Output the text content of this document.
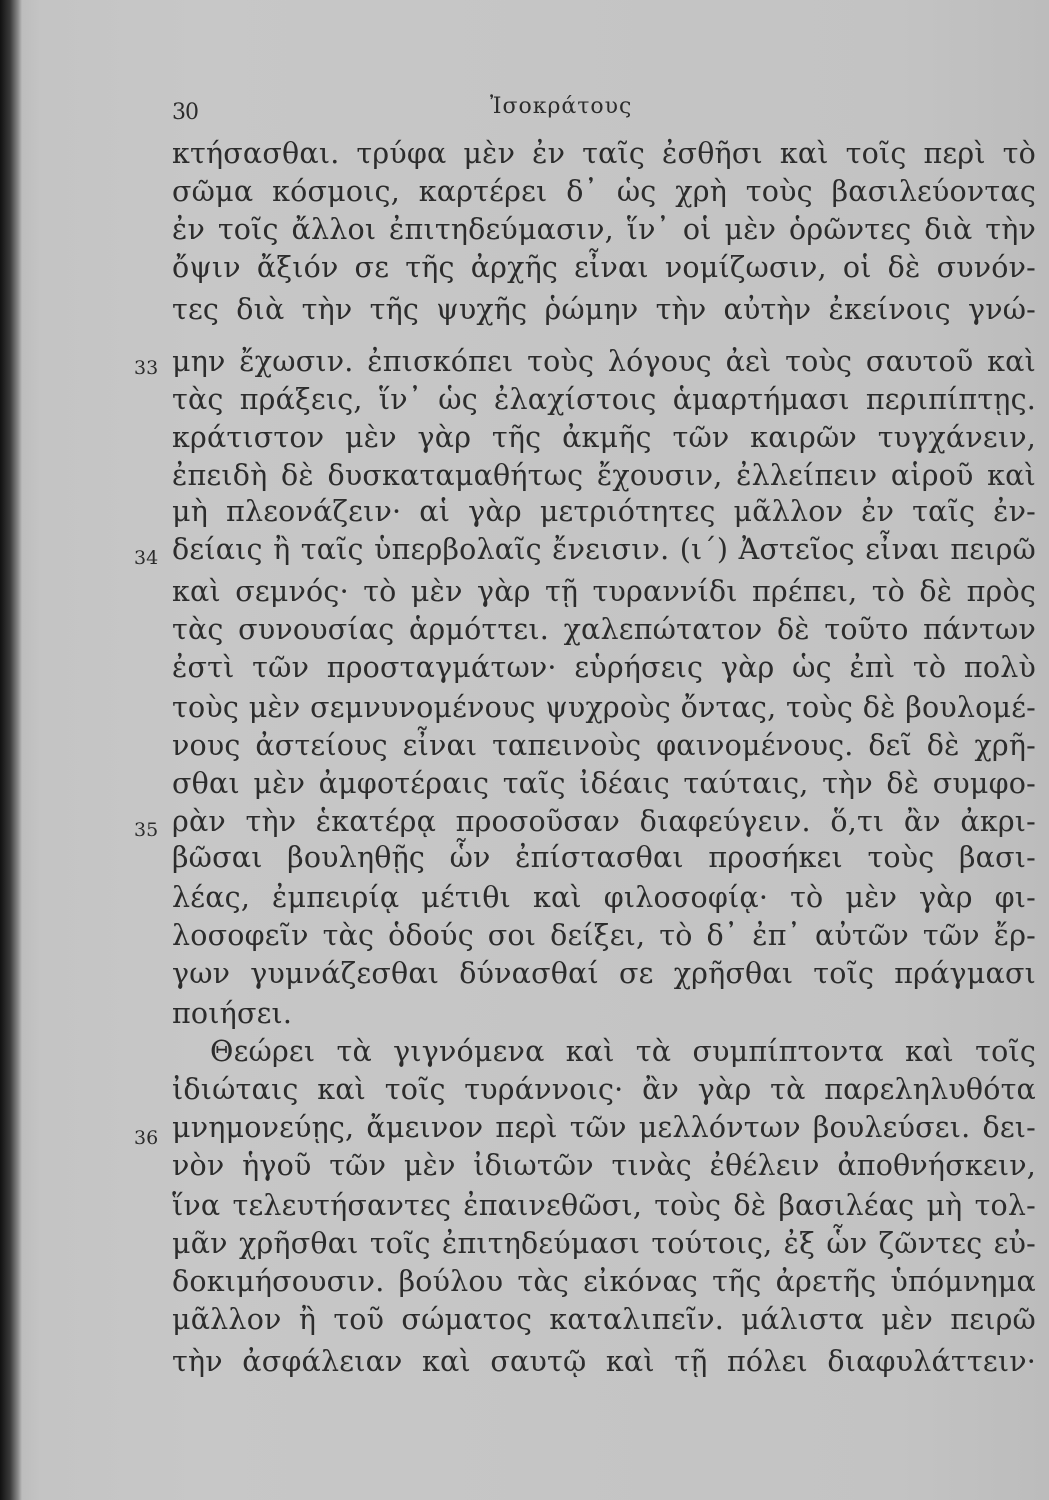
30	Ἰσοκράτους
33
34
35
36
κτήσασθαι. τρύφα μὲν ἐν ταῖς ἐσθῆσι καὶ τοῖς περὶ τὸ
σῶμα κόσμοις, καρτέρει δ᾽ ὡς χρὴ τοὺς βασιλεύοντας
ἐν τοῖς ἄλλοι ἐπιτηδεύμασιν, ἵν᾽ οἱ μὲν ὁρῶντες διὰ τὴν
ὄψιν ἄξιόν σε τῆς ἀρχῆς εἶναι νομίζωσιν, οἱ δὲ συνόν-
τες διὰ τὴν τῆς ψυχῆς ῥώμην τὴν αὐτὴν ἐκείνοις γνώ-
μην ἔχωσιν. ἐπισκόπει τοὺς λόγους ἀεὶ τοὺς σαυτοῦ καὶ
τὰς πράξεις, ἵν᾽ ὡς ἐλαχίστοις ἁμαρτήμασι περιπίπτῃς.
κράτιστον μὲν γὰρ τῆς ἀκμῆς τῶν καιρῶν τυγχάνειν,
ἐπειδὴ δὲ δυσκαταμαθήτως ἔχουσιν, ἐλλείπειν αἱροῦ καὶ
μὴ πλεονάζειν· αἱ γὰρ μετριότητες μᾶλλον ἐν ταῖς ἐν-
δείαις ἢ ταῖς ὑπερβολαῖς ἔνεισιν. (ι´) Ἀστεῖος εἶναι πειρῶ
καὶ σεμνός· τὸ μὲν γὰρ τῇ τυραννίδι πρέπει, τὸ δὲ πρὸς
τὰς συνουσίας ἁρμόττει. χαλεπώτατον δὲ τοῦτο πάντων
ἐστὶ τῶν προσταγμάτων· εὑρήσεις γὰρ ὡς ἐπὶ τὸ πολὺ
τοὺς μὲν σεμνυνομένους ψυχροὺς ὄντας, τοὺς δὲ βουλομέ-
νους ἀστείους εἶναι ταπεινοὺς φαινομένους. δεῖ δὲ χρῆ-
σθαι μὲν ἀμφοτέραις ταῖς ἰδέαις ταύταις, τὴν δὲ συμφο-
ρὰν τὴν ἑκατέρᾳ προσοῦσαν διαφεύγειν. ὅ,τι ἂν ἀκρι-
βῶσαι βουληθῇς ὧν ἐπίστασθαι προσήκει τοὺς βασι-
λέας, ἐμπειρίᾳ μέτιθι καὶ φιλοσοφίᾳ· τὸ μὲν γὰρ φι-
λοσοφεῖν τὰς ὁδούς σοι δείξει, τὸ δ᾽ ἐπ᾽ αὐτῶν τῶν ἔρ-
γων γυμνάζεσθαι δύνασθαί σε χρῆσθαι τοῖς πράγμασι
ποιήσει.
Θεώρει τὰ γιγνόμενα καὶ τὰ συμπίπτοντα καὶ τοῖς
ἰδιώταις καὶ τοῖς τυράννοις· ἂν γὰρ τὰ παρεληλυθότα
μνημονεύῃς, ἄμεινον περὶ τῶν μελλόντων βουλεύσει. δει-
νὸν ἡγοῦ τῶν μὲν ἰδιωτῶν τινὰς ἐθέλειν ἀποθνήσκειν,
ἵνα τελευτήσαντες ἐπαινεθῶσι, τοὺς δὲ βασιλέας μὴ τολ-
μᾶν χρῆσθαι τοῖς ἐπιτηδεύμασι τούτοις, ἐξ ὧν ζῶντες εὐ-
δοκιμήσουσιν. βούλου τὰς εἰκόνας τῆς ἀρετῆς ὑπόμνημα
μᾶλλον ἢ τοῦ σώματος καταλιπεῖν. μάλιστα μὲν πειρῶ
τὴν ἀσφάλειαν καὶ σαυτῷ καὶ τῇ πόλει διαφυλάττειν·
